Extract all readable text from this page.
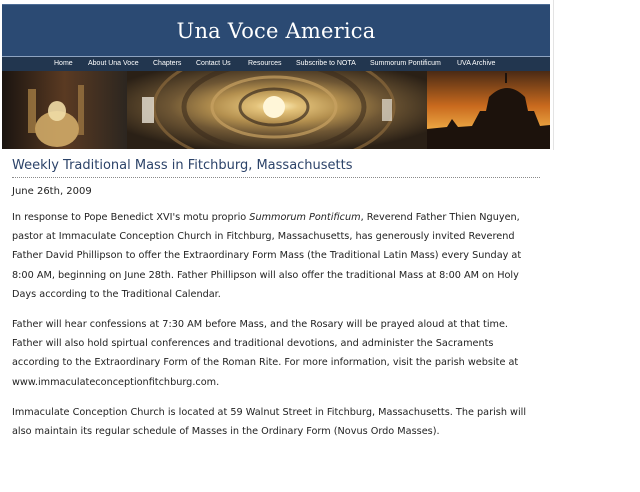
Una Voce America
Home About Una Voce Chapters Contact Us Resources Subscribe to NOTA Summorum Pontificum UVA Archive
Weekly Traditional Mass in Fitchburg, Massachusetts
June 26th, 2009
In response to Pope Benedict XVI's motu proprio Summorum Pontificum, Reverend Father Thien Nguyen, pastor at Immaculate Conception Church in Fitchburg, Massachusetts, has generously invited Reverend Father David Phillipson to offer the Extraordinary Form Mass (the Traditional Latin Mass) every Sunday at 8:00 AM, beginning on June 28th. Father Phillipson will also offer the traditional Mass at 8:00 AM on Holy Days according to the Traditional Calendar.
Father will hear confessions at 7:30 AM before Mass, and the Rosary will be prayed aloud at that time. Father will also hold spirtual conferences and traditional devotions, and administer the Sacraments according to the Extraordinary Form of the Roman Rite. For more information, visit the parish website at www.immaculateconceptionfitchburg.com.
Immaculate Conception Church is located at 59 Walnut Street in Fitchburg, Massachusetts. The parish will also maintain its regular schedule of Masses in the Ordinary Form (Novus Ordo Masses).
